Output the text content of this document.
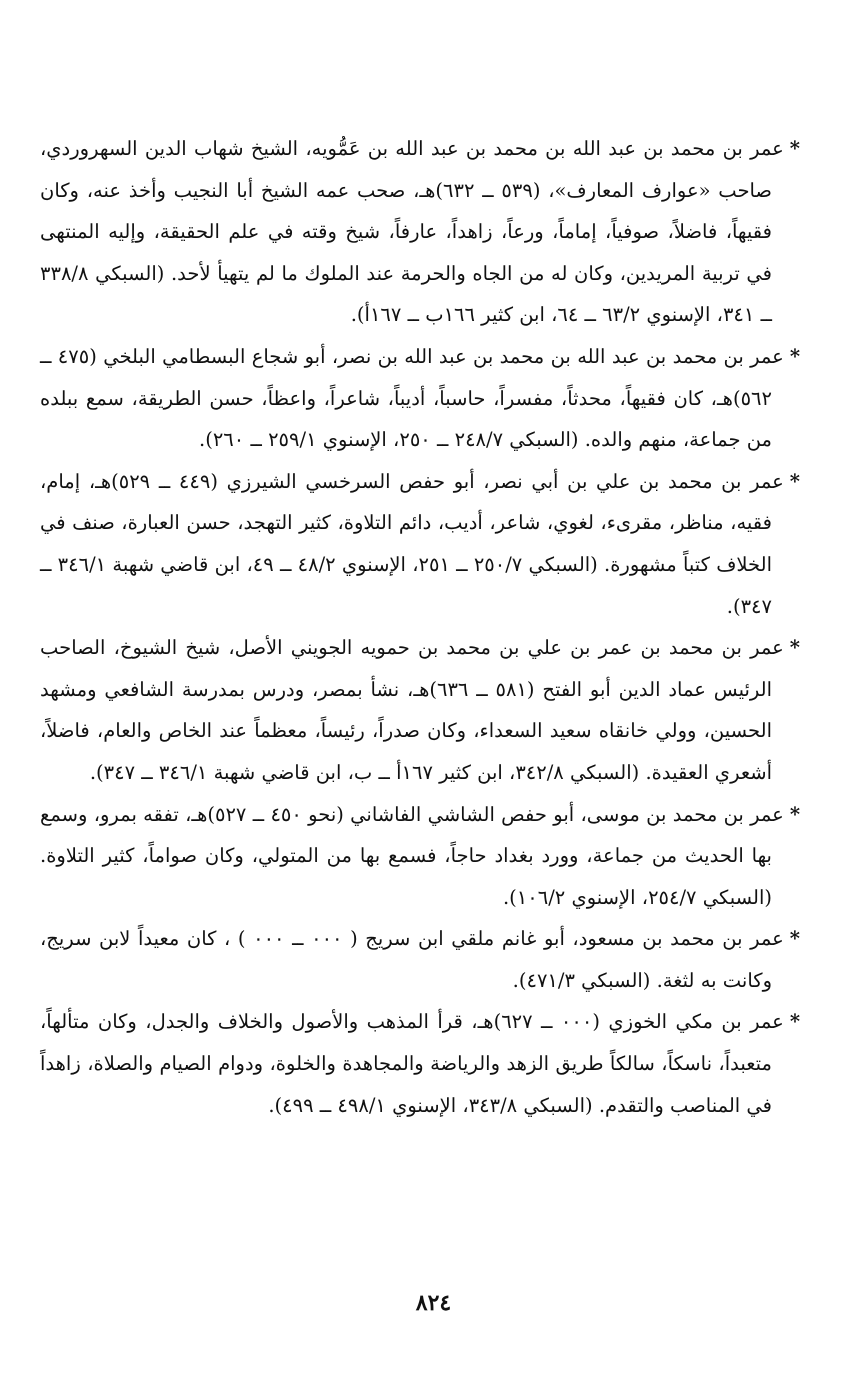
*عمر بن محمد بن عبد الله بن محمد بن عبد الله بن عَمُّويه، الشيخ شهاب الدين السهروردي، صاحب «عوارف المعارف»، (٥٣٩ ــ ٦٣٢)هـ، صحب عمه الشيخ أبا النجيب وأخذ عنه، وكان فقيهاً، فاضلاً، صوفياً، إماماً، ورعاً، زاهداً، عارفاً، شيخ وقته في علم الحقيقة، وإليه المنتهى في تربية المريدين، وكان له من الجاه والحرمة عند الملوك ما لم يتهيأ لأحد. (السبكي ٣٣٨/٨ ــ ٣٤١، الإسنوي ٦٣/٢ ــ ٦٤، ابن كثير ١٦٦ب ــ ١٦٧أ).

*عمر بن محمد بن عبد الله بن محمد بن عبد الله بن نصر، أبو شجاع البسطامي البلخي (٤٧٥ ــ ٥٦٢)هـ، كان فقيهاً، محدثاً، مفسراً، حاسباً، أديباً، شاعراً، واعظاً، حسن الطريقة، سمع ببلده من جماعة، منهم والده. (السبكي ٢٤٨/٧ ــ ٢٥٠، الإسنوي ٢٥٩/١ ــ ٢٦٠).

*عمر بن محمد بن علي بن أبي نصر، أبو حفص السرخسي الشيرزي (٤٤٩ ــ ٥٢٩)هـ، إمام، فقيه، مناظر، مقرىء، لغوي، شاعر، أديب، دائم التلاوة، كثير التهجد، حسن العبارة، صنف في الخلاف كتباً مشهورة. (السبكي ٢٥٠/٧ ــ ٢٥١، الإسنوي ٤٨/٢ ــ ٤٩، ابن قاضي شهبة ٣٤٦/١ ــ ٣٤٧).

*عمر بن محمد بن عمر بن علي بن محمد بن حمويه الجويني الأصل، شيخ الشيوخ، الصاحب الرئيس عماد الدين أبو الفتح (٥٨١ ــ ٦٣٦)هـ، نشأ بمصر، ودرس بمدرسة الشافعي ومشهد الحسين، وولي خانقاه سعيد السعداء، وكان صدراً، رئيساً، معظماً عند الخاص والعام، فاضلاً، أشعري العقيدة. (السبكي ٣٤٢/٨، ابن كثير ١٦٧أ ــ ب، ابن قاضي شهبة ٣٤٦/١ ــ ٣٤٧).

*عمر بن محمد بن موسى، أبو حفص الشاشي الفاشاني (نحو ٤٥٠ ــ ٥٢٧)هـ، تفقه بمرو، وسمع بها الحديث من جماعة، وورد بغداد حاجاً، فسمع بها من المتولي، وكان صواماً، كثير التلاوة. (السبكي ٢٥٤/٧، الإسنوي ١٠٦/٢).

*عمر بن محمد بن مسعود، أبو غانم ملقي ابن سريج ( ٠٠٠ ــ ٠٠٠ ) ، كان معيداً لابن سريج، وكانت به لثغة. (السبكي ٤٧١/٣).

*عمر بن مكي الخوزي (٠٠٠ ــ ٦٢٧)هـ، قرأ المذهب والأصول والخلاف والجدل، وكان متألهاً، متعبداً، ناسكاً، سالكاً طريق الزهد والرياضة والمجاهدة والخلوة، ودوام الصيام والصلاة، زاهداً في المناصب والتقدم. (السبكي ٣٤٣/٨، الإسنوي ٤٩٨/١ ــ ٤٩٩).

٨٢٤
